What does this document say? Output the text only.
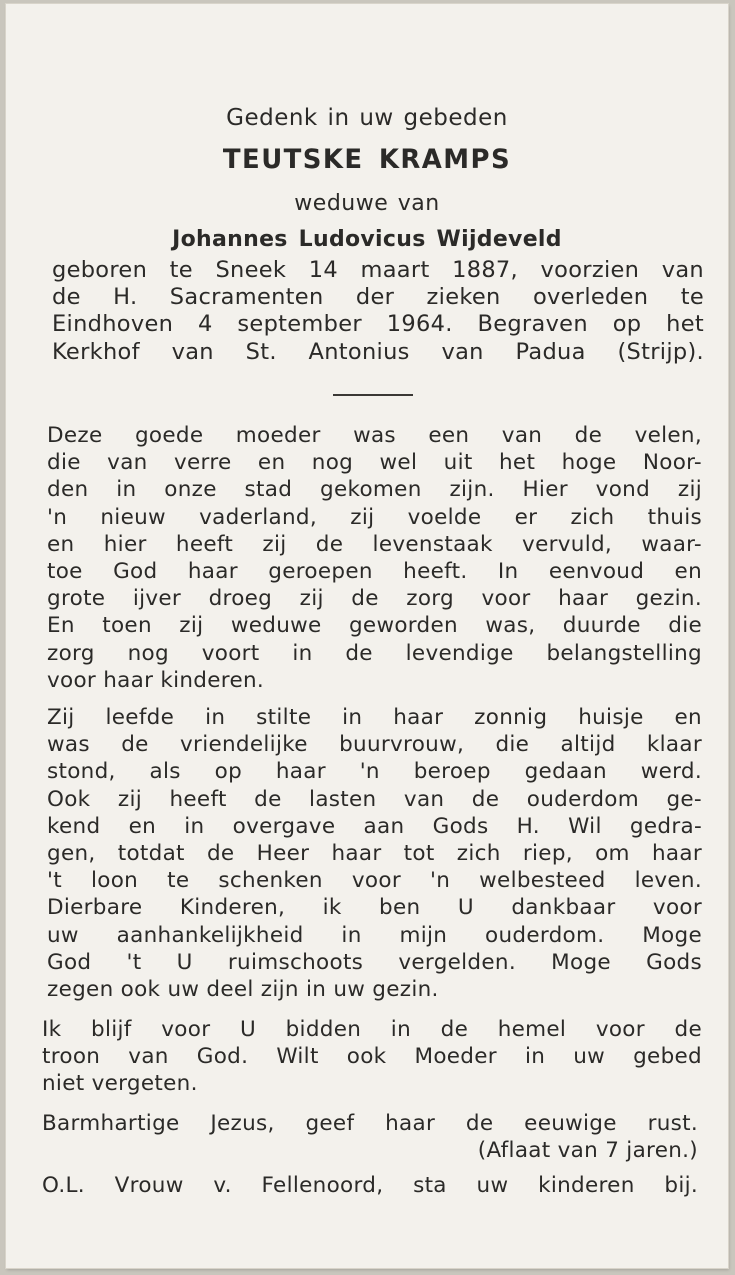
Gedenk in uw gebeden
TEUTSKE KRAMPS
weduwe van
Johannes Ludovicus Wijdeveld
geboren te Sneek 14 maart 1887, voorzien van
de H. Sacramenten der zieken overleden te
Eindhoven 4 september 1964. Begraven op het
Kerkhof van St. Antonius van Padua (Strijp).
Deze goede moeder was een van de velen,
die van verre en nog wel uit het hoge Noor-
den in onze stad gekomen zijn. Hier vond zij
'n nieuw vaderland, zij voelde er zich thuis
en hier heeft zij de levenstaak vervuld, waar-
toe God haar geroepen heeft. In eenvoud en
grote ijver droeg zij de zorg voor haar gezin.
En toen zij weduwe geworden was, duurde die
zorg nog voort in de levendige belangstelling
voor haar kinderen.
Zij leefde in stilte in haar zonnig huisje en
was de vriendelijke buurvrouw, die altijd klaar
stond, als op haar 'n beroep gedaan werd.
Ook zij heeft de lasten van de ouderdom ge-
kend en in overgave aan Gods H. Wil gedra-
gen, totdat de Heer haar tot zich riep, om haar
't loon te schenken voor 'n welbesteed leven.
Dierbare Kinderen, ik ben U dankbaar voor
uw aanhankelijkheid in mijn ouderdom. Moge
God 't U ruimschoots vergelden. Moge Gods
zegen ook uw deel zijn in uw gezin.
Ik blijf voor U bidden in de hemel voor de
troon van God. Wilt ook Moeder in uw gebed
niet vergeten.
Barmhartige Jezus, geef haar de eeuwige rust.
(Aflaat van 7 jaren.)
O.L. Vrouw v. Fellenoord, sta uw kinderen bij.
